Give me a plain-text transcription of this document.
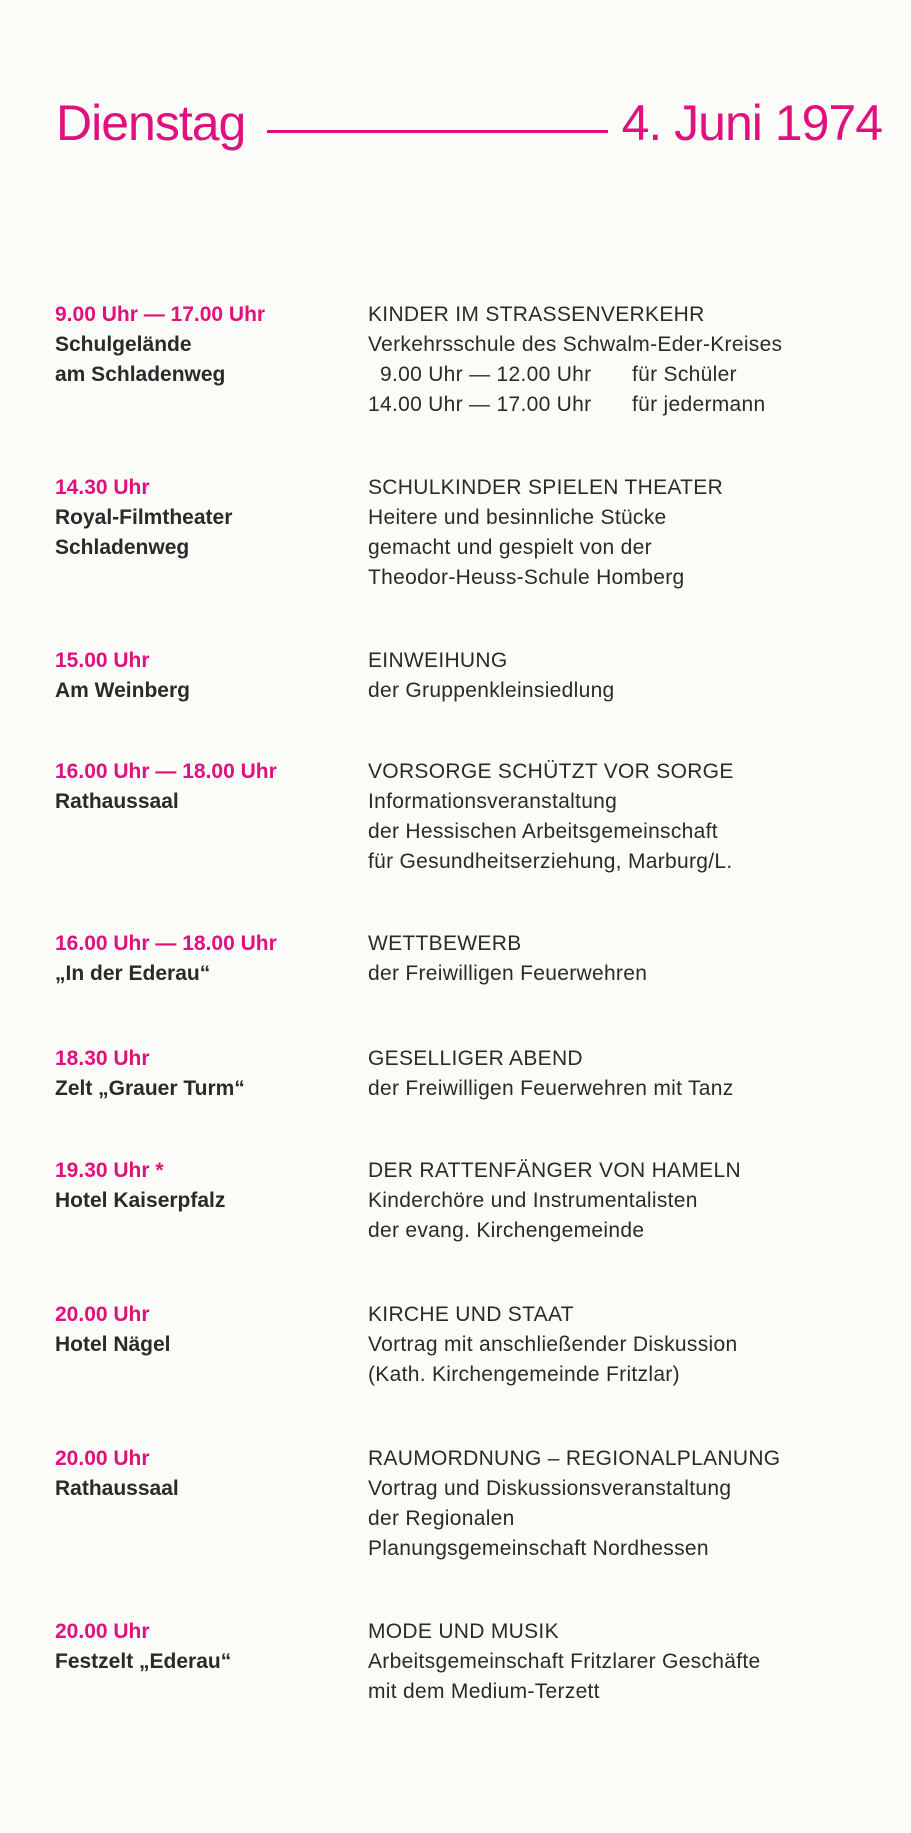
Dienstag	4. Juni 1974
9.00 Uhr — 17.00 Uhr
Schulgelände
am Schladenweg
KINDER IM STRASSENVERKEHR
Verkehrsschule des Schwalm-Eder-Kreises
9.00 Uhr — 12.00 Uhr für Schüler
14.00 Uhr — 17.00 Uhr für jedermann
14.30 Uhr
Royal-Filmtheater
Schladenweg
SCHULKINDER SPIELEN THEATER
Heitere und besinnliche Stücke
gemacht und gespielt von der
Theodor-Heuss-Schule Homberg
15.00 Uhr
Am Weinberg
EINWEIHUNG
der Gruppenkleinsiedlung
16.00 Uhr — 18.00 Uhr
Rathaussaal
VORSORGE SCHÜTZT VOR SORGE
Informationsveranstaltung
der Hessischen Arbeitsgemeinschaft
für Gesundheitserziehung, Marburg/L.
16.00 Uhr — 18.00 Uhr
„In der Ederau“
WETTBEWERB
der Freiwilligen Feuerwehren
18.30 Uhr
Zelt „Grauer Turm“
GESELLIGER ABEND
der Freiwilligen Feuerwehren mit Tanz
19.30 Uhr *
Hotel Kaiserpfalz
DER RATTENFÄNGER VON HAMELN
Kinderchöre und Instrumentalisten
der evang. Kirchengemeinde
20.00 Uhr
Hotel Nägel
KIRCHE UND STAAT
Vortrag mit anschließender Diskussion
(Kath. Kirchengemeinde Fritzlar)
20.00 Uhr
Rathaussaal
RAUMORDNUNG – REGIONALPLANUNG
Vortrag und Diskussionsveranstaltung
der Regionalen
Planungsgemeinschaft Nordhessen
20.00 Uhr
Festzelt „Ederau“
MODE UND MUSIK
Arbeitsgemeinschaft Fritzlarer Geschäfte
mit dem Medium-Terzett
